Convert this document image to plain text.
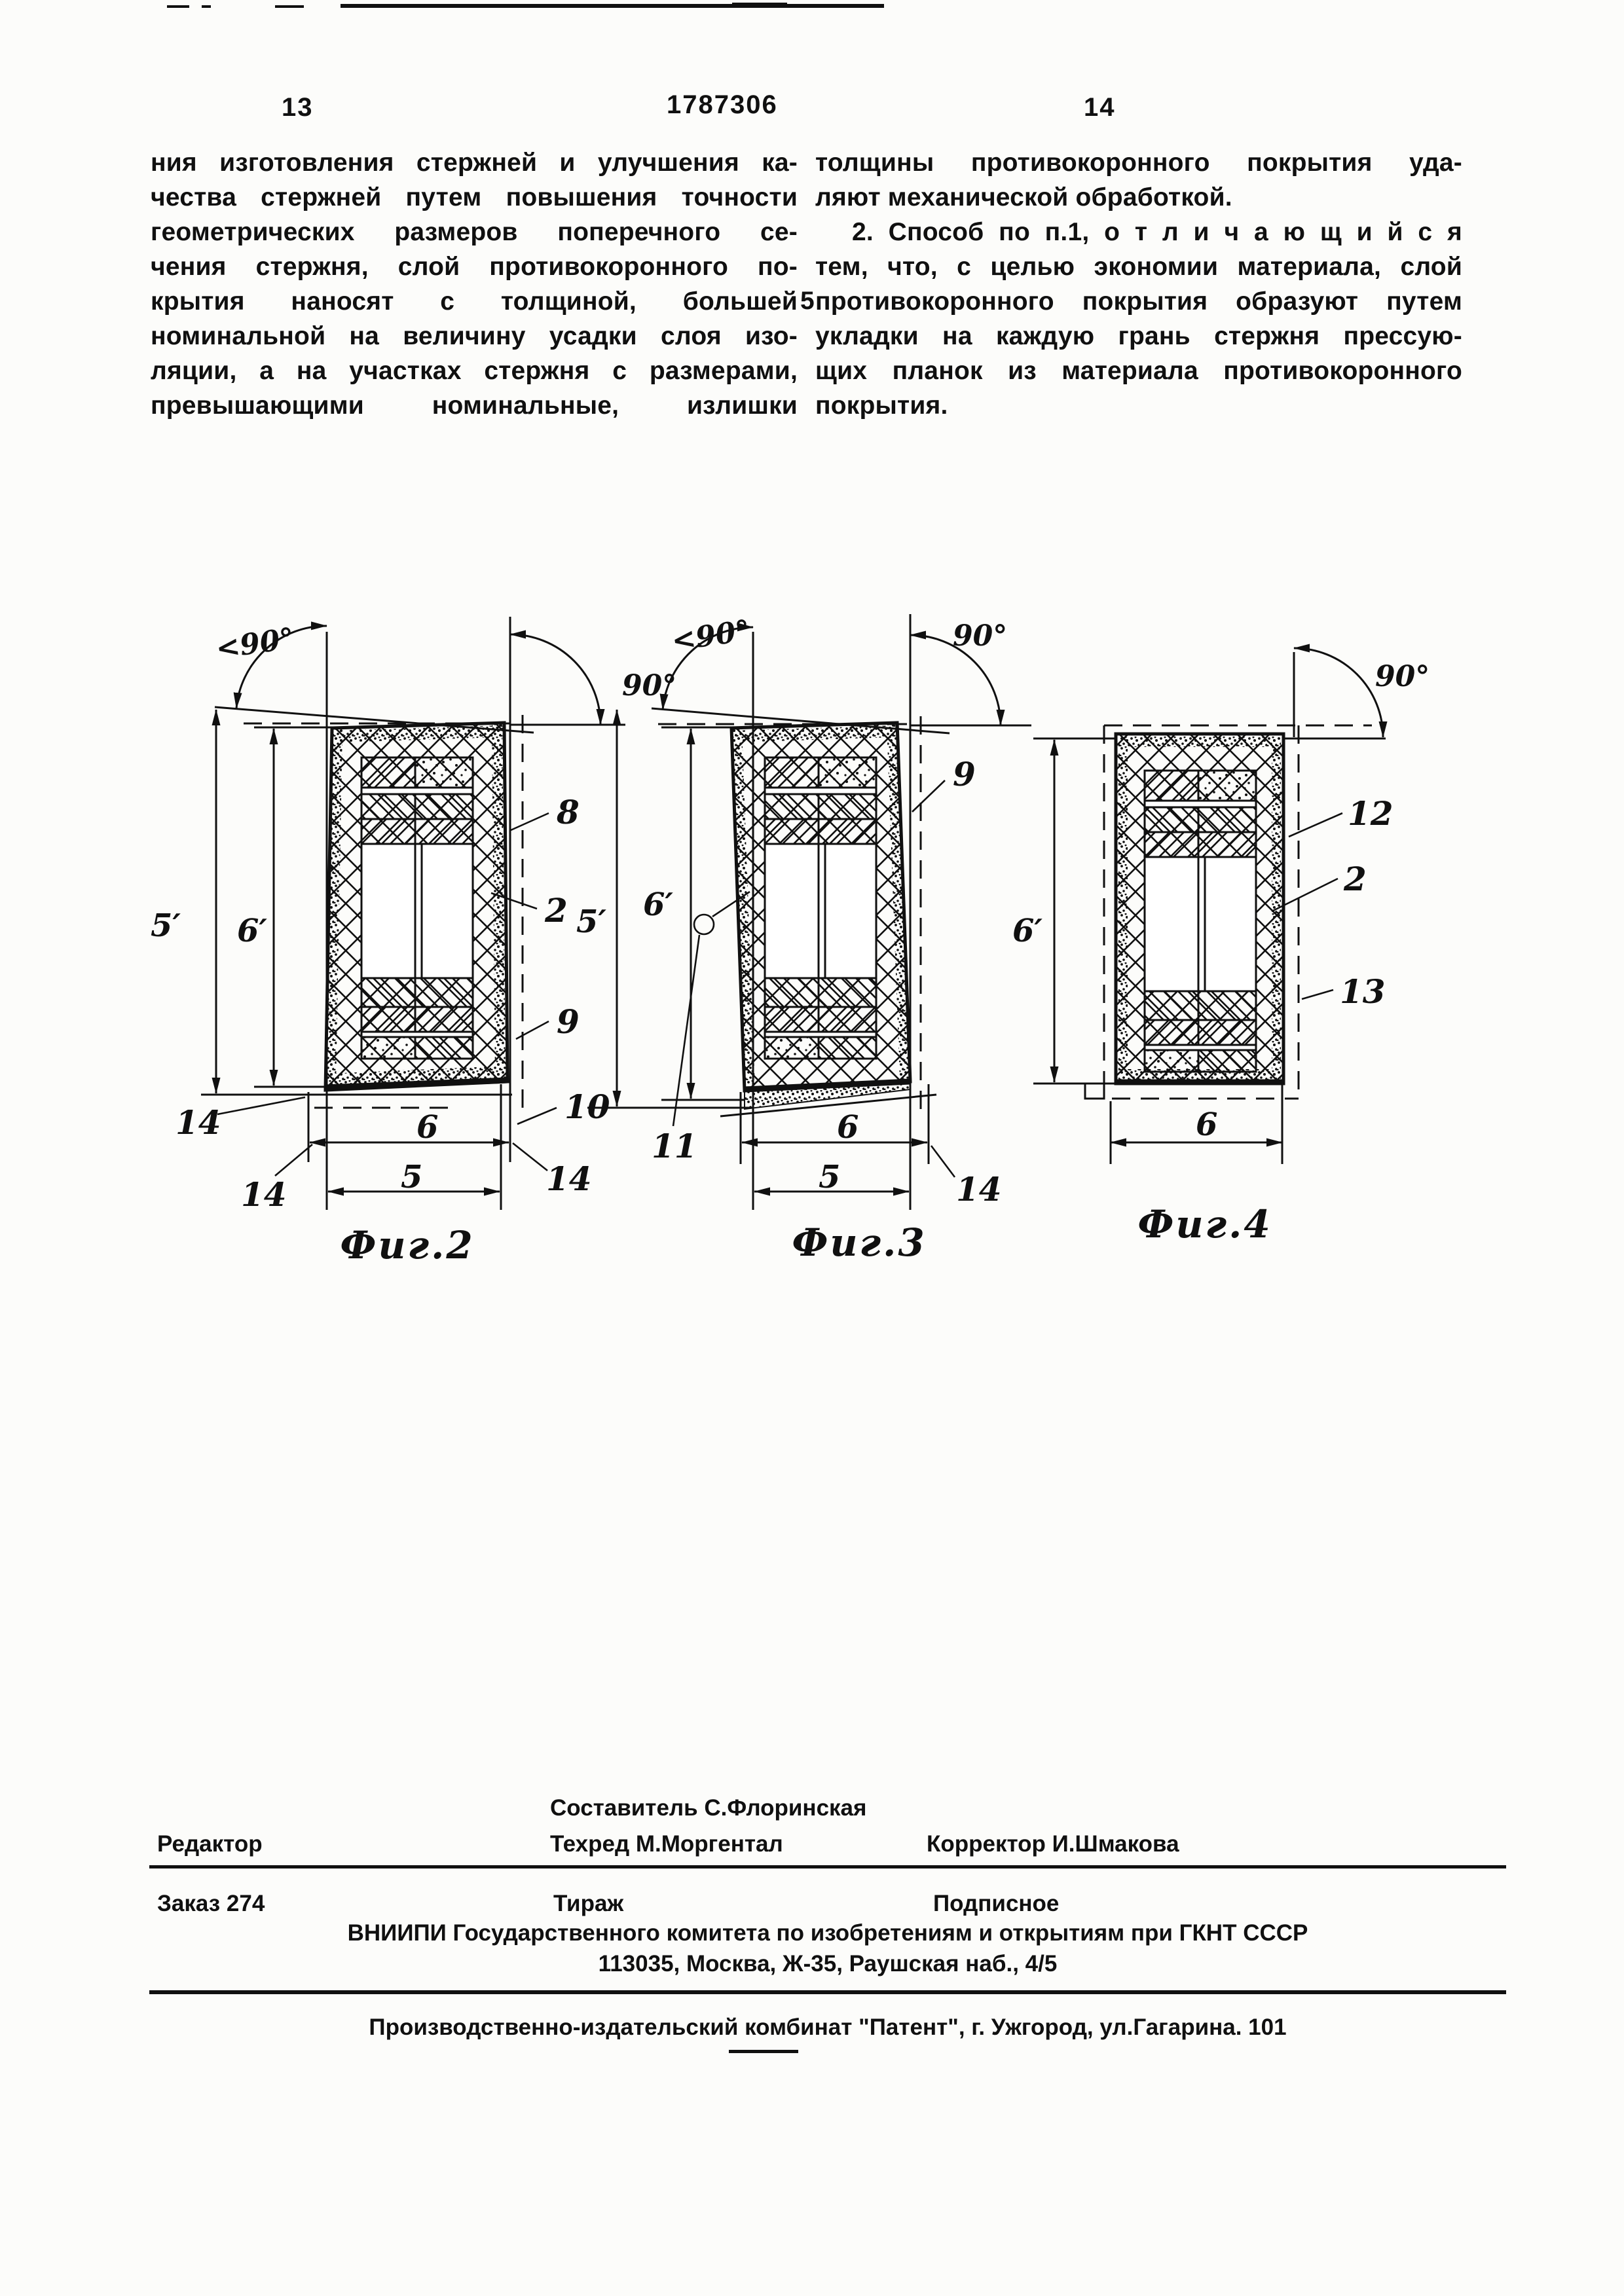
13	1787306	14
ния изготовления стержней и улучшения ка-
чества стержней путем повышения точности
геометрических размеров поперечного се-
чения стержня, слой противокоронного по-
крытия наносят с толщиной, большей
номинальной на величину усадки слоя изо-
ляции, а на участках стержня с размерами,
превышающими номинальные, излишки
5
толщины противокоронного покрытия уда-
ляют механической обработкой.
2. Способ по п.1, о т л и ч а ю щ и й с я
тем, что, с целью экономии материала, слой
противокоронного покрытия образуют путем
укладки на каждую грань стержня прессую-
щих планок из материала противокоронного
покрытия.
<90°
90°
5′ 6′
6
5
8
2
9
10
14
14	14
Фиг.2
<90°	90°
5′ 6′
6
5
9
11
14
Фиг.3
90°
6′
6
12
2
13
Фиг.4
Составитель С.Флоринская
Редактор	Техред М.Моргентал	Корректор И.Шмакова
Заказ 274	Тираж	Подписное
ВНИИПИ Государственного комитета по изобретениям и открытиям при ГКНТ СССР
113035, Москва, Ж-35, Раушская наб., 4/5
Производственно-издательский комбинат "Патент", г. Ужгород, ул.Гагарина. 101
